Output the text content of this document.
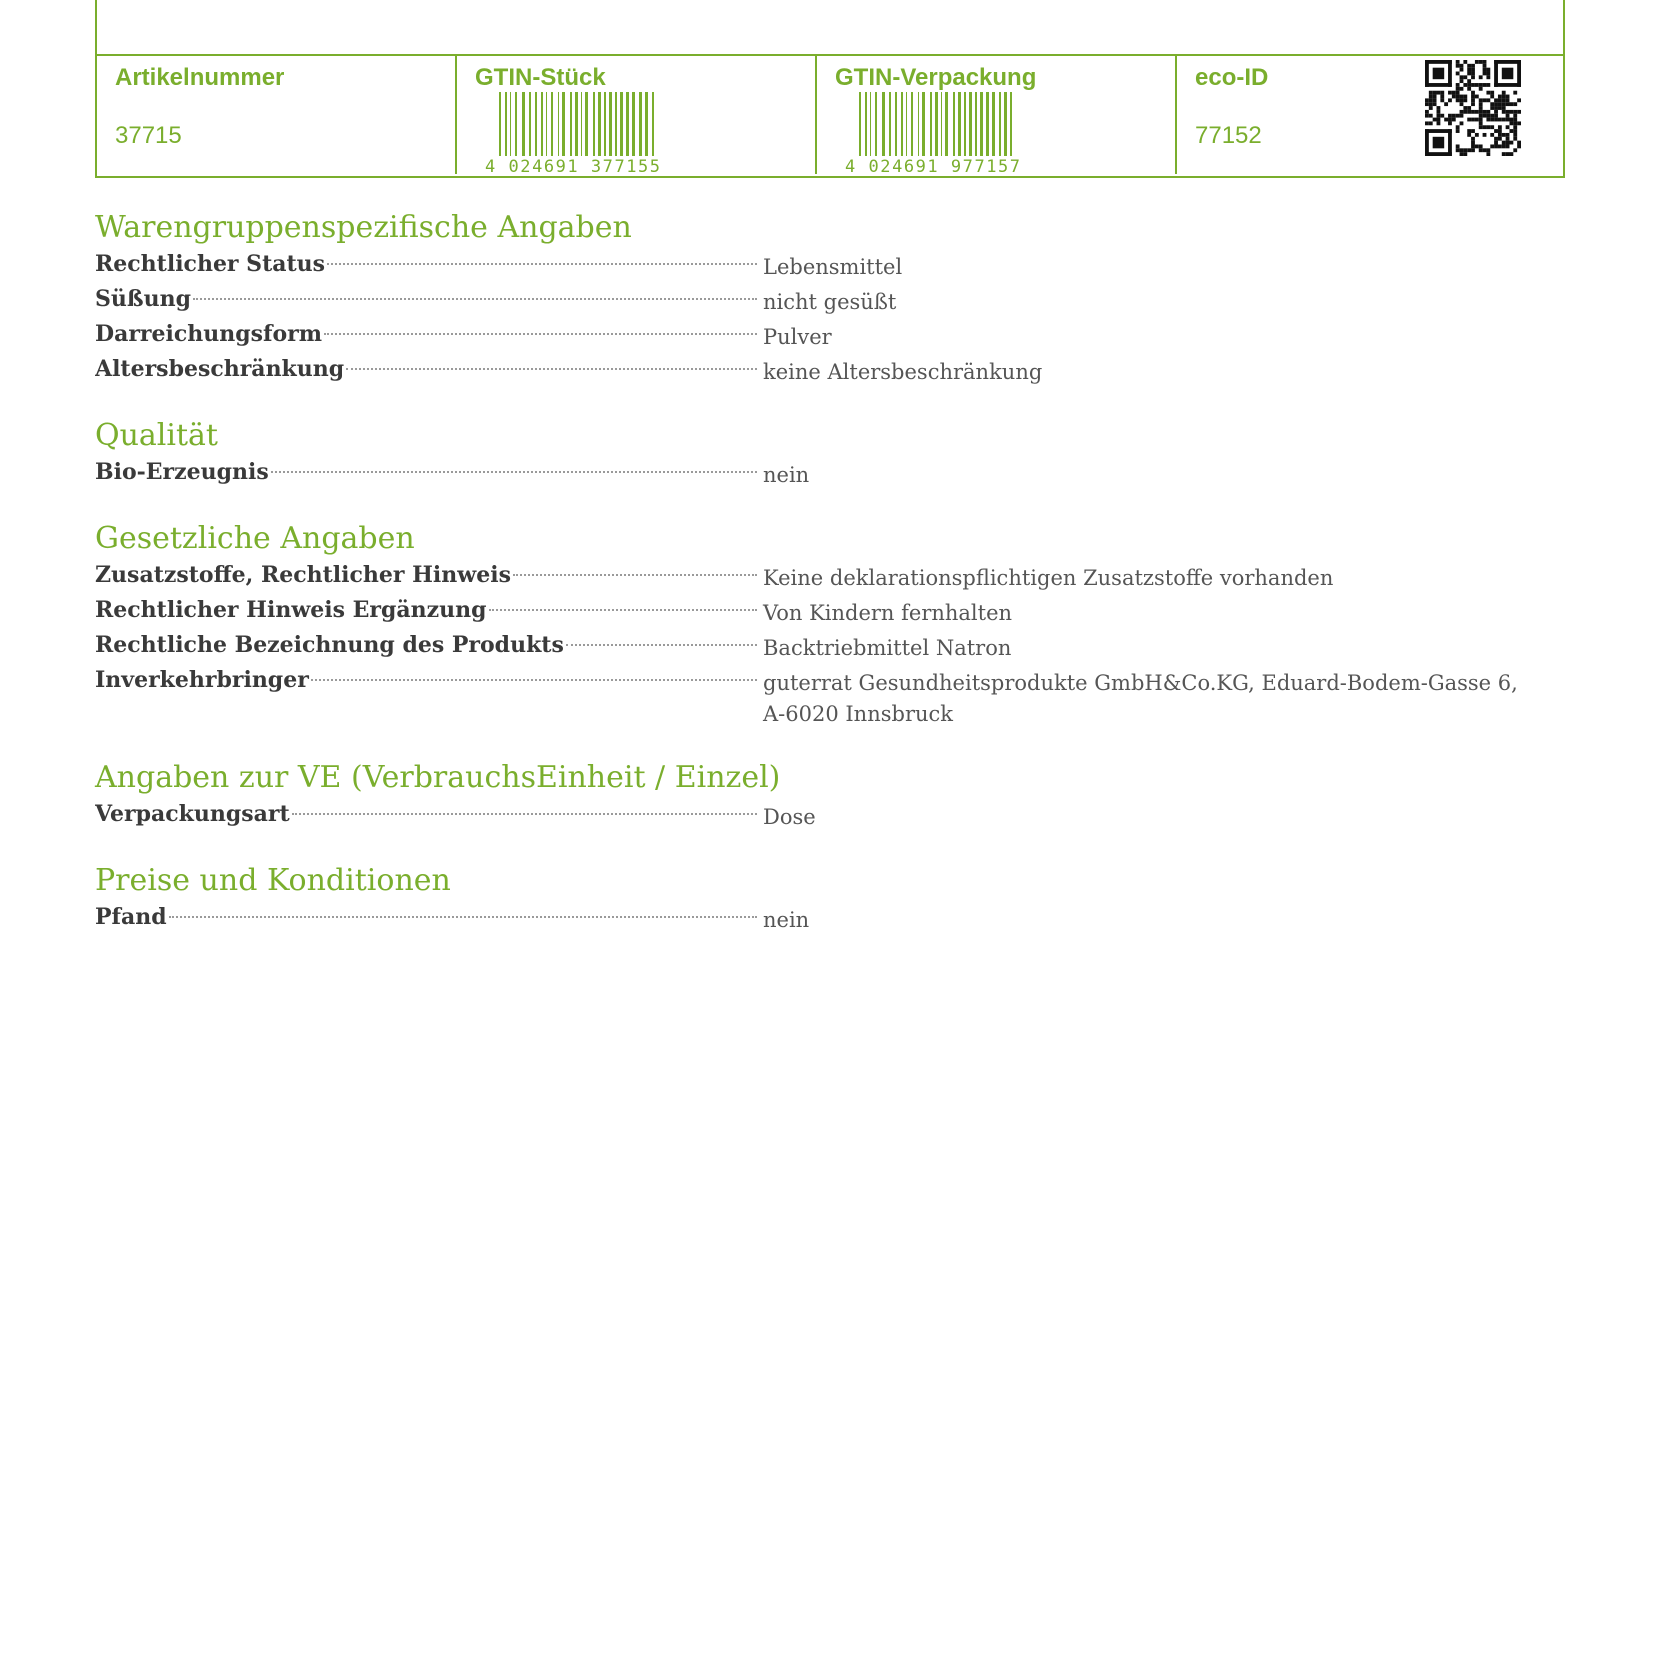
Artikelnummer
37715
GTIN-Stück
4 024691 377155
GTIN-Verpackung
4 024691 977157
eco-ID
77152
Warengruppenspezifische Angaben
Rechtlicher Status	Lebensmittel
Süßung	nicht gesüßt
Darreichungsform	Pulver
Altersbeschränkung	keine Altersbeschränkung
Qualität
Bio-Erzeugnis	nein
Gesetzliche Angaben
Zusatzstoffe, Rechtlicher Hinweis	Keine deklarationspflichtigen Zusatzstoffe vorhanden
Rechtlicher Hinweis Ergänzung	Von Kindern fernhalten
Rechtliche Bezeichnung des Produkts	Backtriebmittel Natron
Inverkehrbringer	guterrat Gesundheitsprodukte GmbH&Co.KG, Eduard-Bodem-Gasse 6, A-6020 Innsbruck
Angaben zur VE (VerbrauchsEinheit / Einzel)
Verpackungsart	Dose
Preise und Konditionen
Pfand	nein
